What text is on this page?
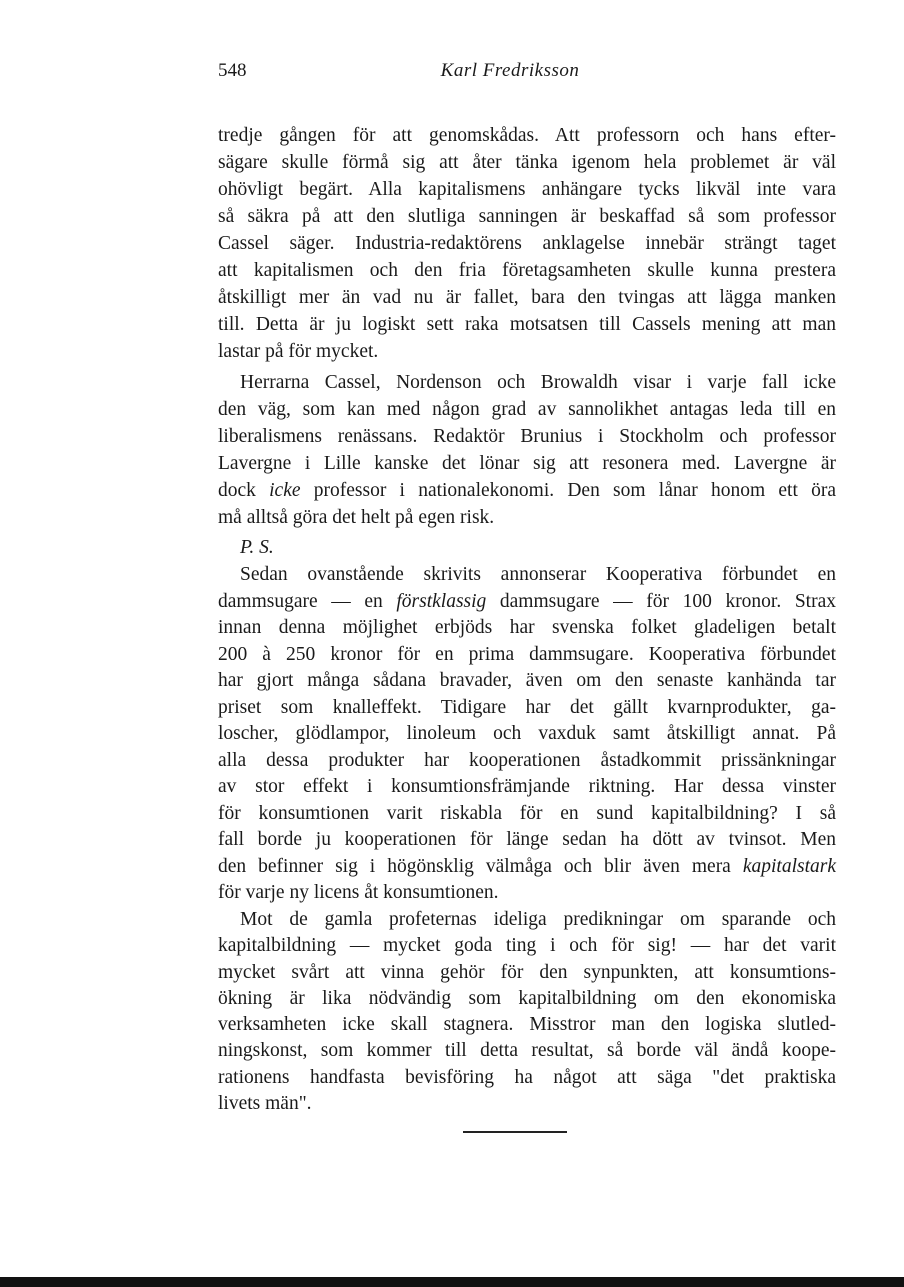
548	Karl Fredriksson
tredje gången för att genomskådas. Att professorn och hans efter-
sägare skulle förmå sig att åter tänka igenom hela problemet är väl
ohövligt begärt. Alla kapitalismens anhängare tycks likväl inte vara
så säkra på att den slutliga sanningen är beskaffad så som professor
Cassel säger. Industria-redaktörens anklagelse innebär strängt taget
att kapitalismen och den fria företagsamheten skulle kunna prestera
åtskilligt mer än vad nu är fallet, bara den tvingas att lägga manken
till. Detta är ju logiskt sett raka motsatsen till Cassels mening att man
lastar på för mycket.
Herrarna Cassel, Nordenson och Browaldh visar i varje fall icke
den väg, som kan med någon grad av sannolikhet antagas leda till en
liberalismens renässans. Redaktör Brunius i Stockholm och professor
Lavergne i Lille kanske det lönar sig att resonera med. Lavergne är
dock icke professor i nationalekonomi. Den som lånar honom ett öra
må alltså göra det helt på egen risk.
P. S.
Sedan ovanstående skrivits annonserar Kooperativa förbundet en
dammsugare — en förstklassig dammsugare — för 100 kronor. Strax
innan denna möjlighet erbjöds har svenska folket gladeligen betalt
200 à 250 kronor för en prima dammsugare. Kooperativa förbundet
har gjort många sådana bravader, även om den senaste kanhända tar
priset som knalleffekt. Tidigare har det gällt kvarnprodukter, ga-
loscher, glödlampor, linoleum och vaxduk samt åtskilligt annat. På
alla dessa produkter har kooperationen åstadkommit prissänkningar
av stor effekt i konsumtionsfrämjande riktning. Har dessa vinster
för konsumtionen varit riskabla för en sund kapitalbildning? I så
fall borde ju kooperationen för länge sedan ha dött av tvinsot. Men
den befinner sig i högönsklig välmåga och blir även mera kapitalstark
för varje ny licens åt konsumtionen.
Mot de gamla profeternas ideliga predikningar om sparande och
kapitalbildning — mycket goda ting i och för sig! — har det varit
mycket svårt att vinna gehör för den synpunkten, att konsumtions-
ökning är lika nödvändig som kapitalbildning om den ekonomiska
verksamheten icke skall stagnera. Misstror man den logiska slutled-
ningskonst, som kommer till detta resultat, så borde väl ändå koope-
rationens handfasta bevisföring ha något att säga "det praktiska
livets män".
